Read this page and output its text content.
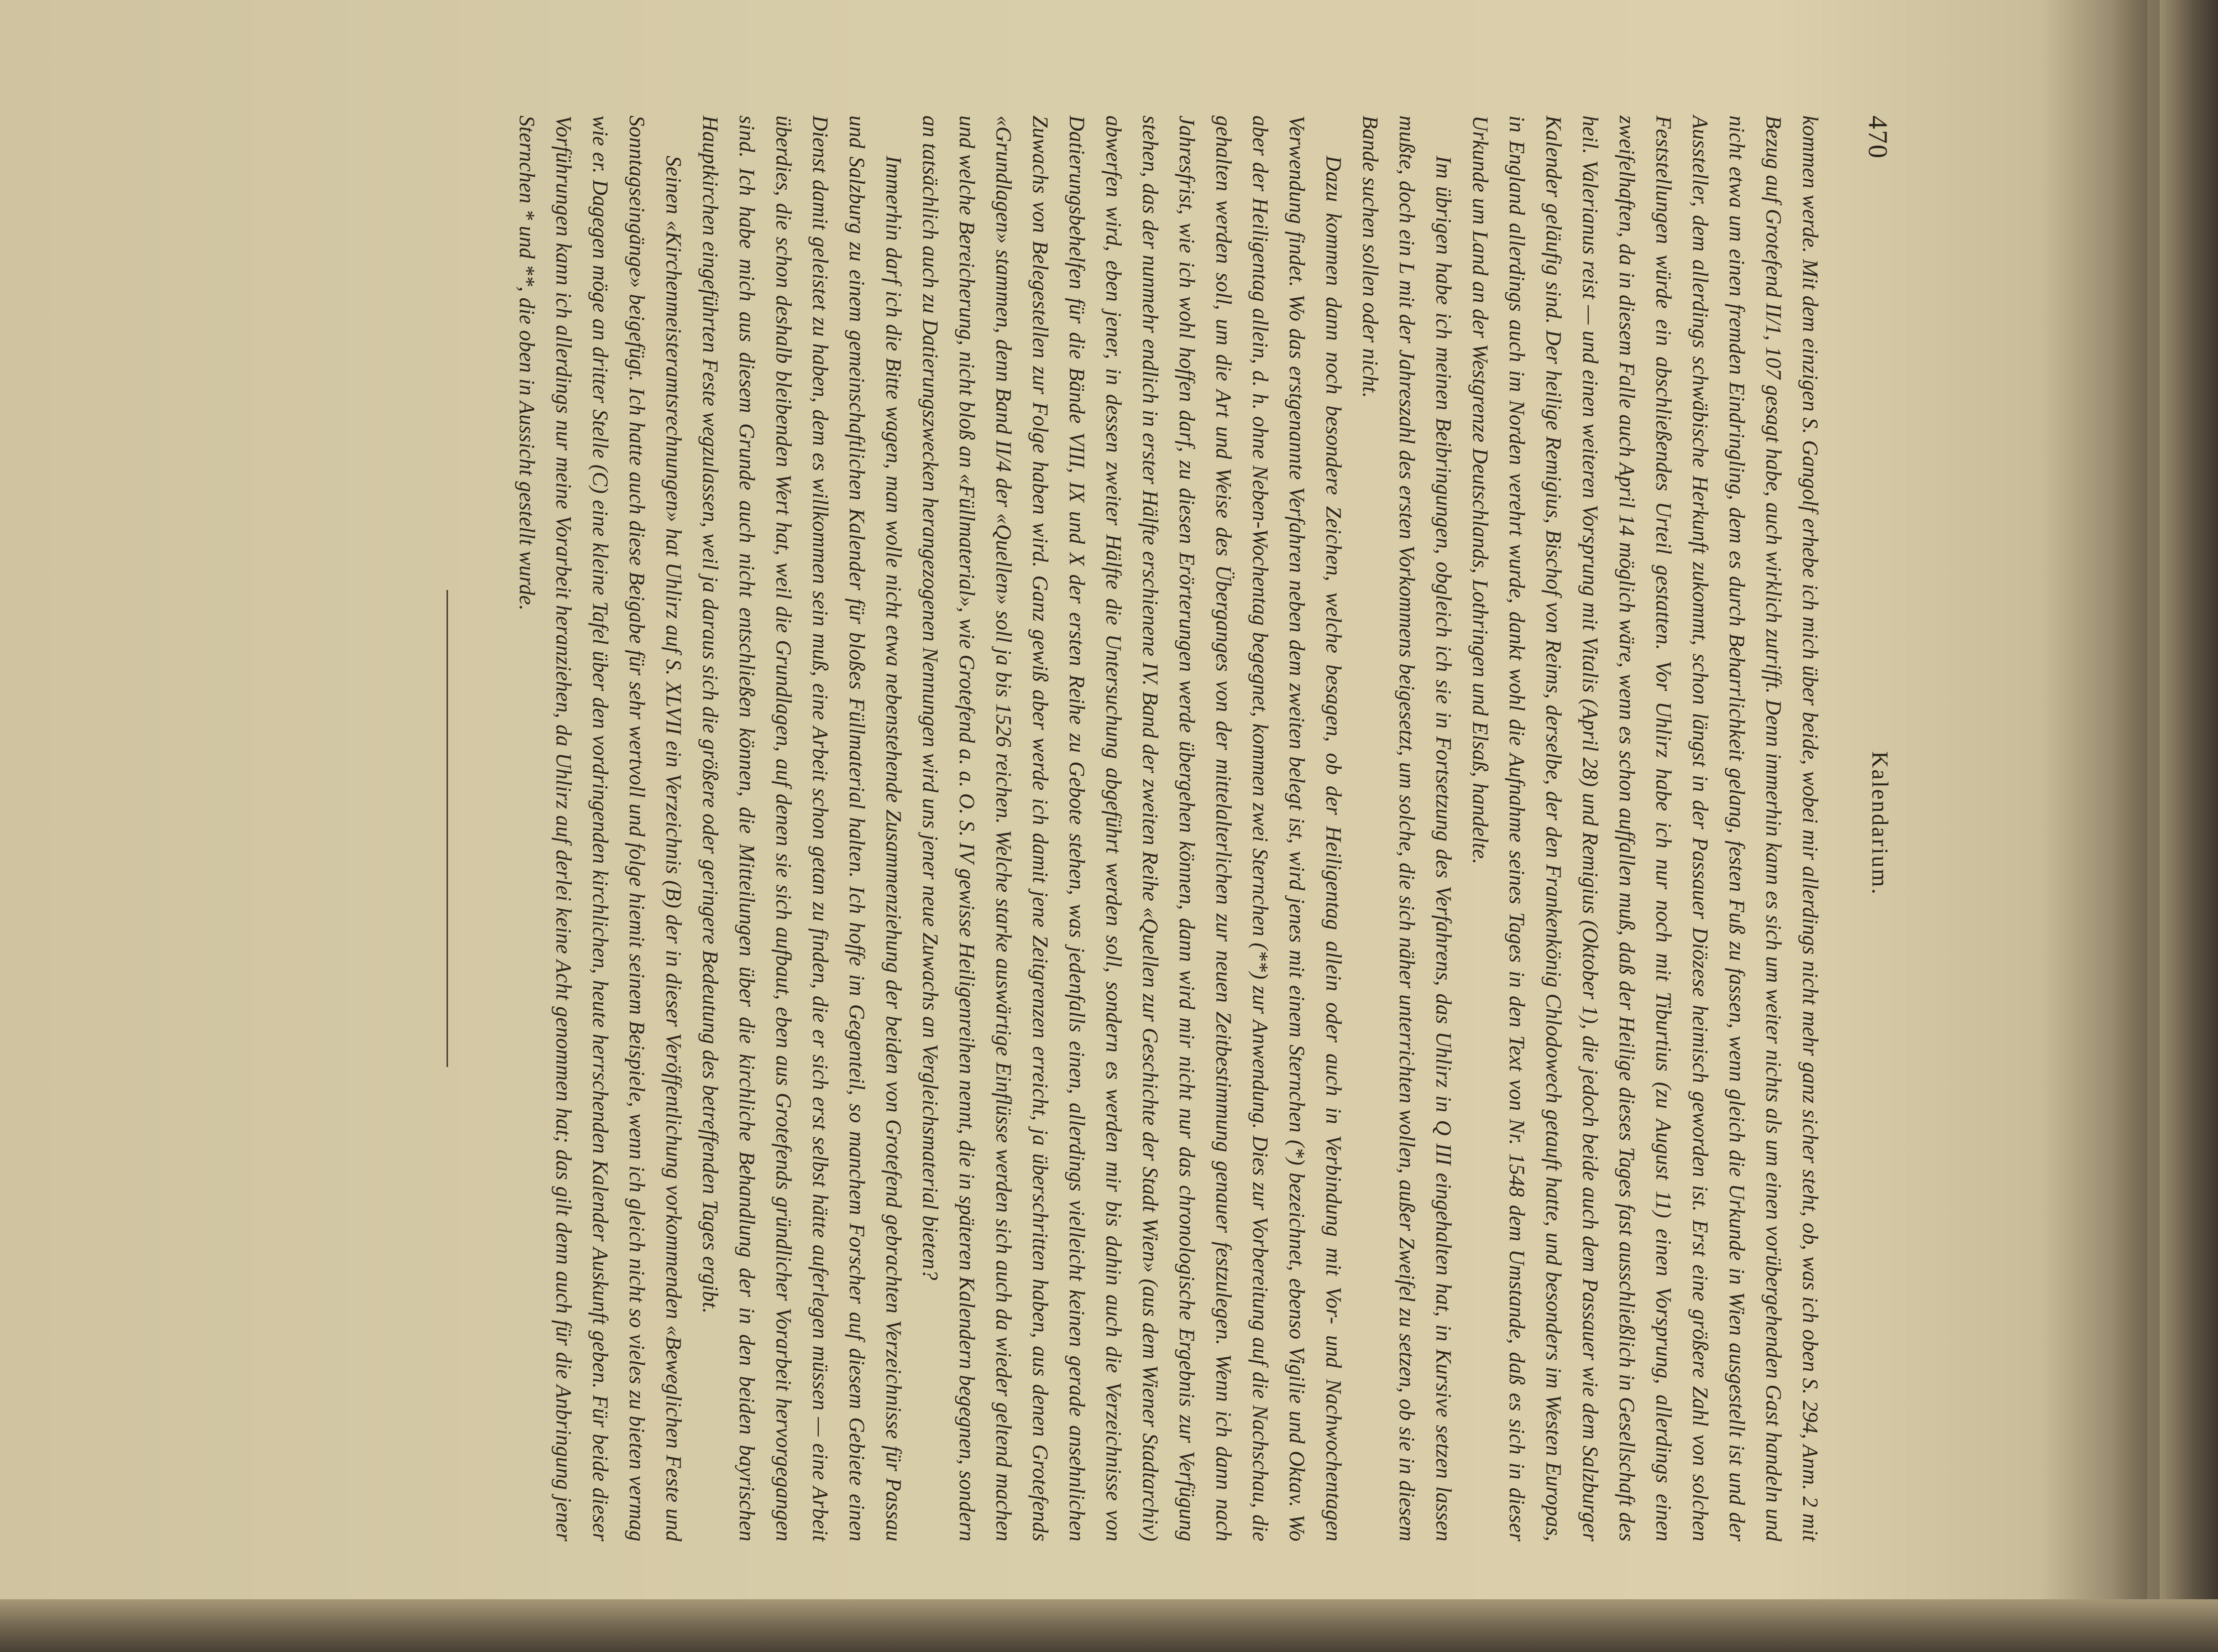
Kalendarium.
470

kommen werde. Mit dem einzigen S. Gangolf erhebe ich mich über beide, wobei mir allerdings nicht mehr ganz sicher steht, ob, was ich oben S. 294, Anm. 2 mit Bezug auf Grotefend II/1, 107 gesagt habe, auch wirklich zutrifft. Denn immerhin kann es sich um weiter nichts als um einen vorübergehenden Gast handeln und nicht etwa um einen fremden Eindringling, dem es durch Beharrlichkeit gelang, festen Fuß zu fassen, wenn gleich die Urkunde in Wien ausgestellt ist und der Aussteller, dem allerdings schwäbische Herkunft zukommt, schon längst in der Passauer Diözese heimisch geworden ist. Erst eine größere Zahl von solchen Feststellungen würde ein abschließendes Urteil gestatten. Vor Uhlirz habe ich nur noch mit Tiburtius (zu August 11) einen Vorsprung, allerdings einen zweifelhaften, da in diesem Falle auch April 14 möglich wäre, wenn es schon auffallen muß, daß der Heilige dieses Tages fast ausschließlich in Gesellschaft des heil. Valerianus reist — und einen weiteren Vorsprung mit Vitalis (April 28) und Remigius (Oktober 1), die jedoch beide auch dem Passauer wie dem Salzburger Kalender geläufig sind. Der heilige Remigius, Bischof von Reims, derselbe, der den Frankenkönig Chlodowech getauft hatte, und besonders im Westen Europas, in England allerdings auch im Norden verehrt wurde, dankt wohl die Aufnahme seines Tages in den Text von Nr. 1548 dem Umstande, daß es sich in dieser Urkunde um Land an der Westgrenze Deutschlands, Lothringen und Elsaß, handelte.

Im übrigen habe ich meinen Beibringungen, obgleich ich sie in Fortsetzung des Verfahrens, das Uhlirz in Q III eingehalten hat, in Kursive setzen lassen mußte, doch ein L mit der Jahreszahl des ersten Vorkommens beigesetzt, um solche, die sich näher unterrichten wollen, außer Zweifel zu setzen, ob sie in diesem Bande suchen sollen oder nicht.

Dazu kommen dann noch besondere Zeichen, welche besagen, ob der Heiligentag allein oder auch in Verbindung mit Vor- und Nachwochentagen Verwendung findet. Wo das erstgenannte Verfahren neben dem zweiten belegt ist, wird jenes mit einem Sternchen (*) bezeichnet, ebenso Vigilie und Oktav. Wo aber der Heiligentag allein, d. h. ohne Neben-Wochentag begegnet, kommen zwei Sternchen (**) zur Anwendung. Dies zur Vorbereitung auf die Nachschau, die gehalten werden soll, um die Art und Weise des Überganges von der mittelalterlichen zur neuen Zeitbestimmung genauer festzulegen. Wenn ich dann nach Jahresfrist, wie ich wohl hoffen darf, zu diesen Erörterungen werde übergehen können, dann wird mir nicht nur das chronologische Ergebnis zur Verfügung stehen, das der nunmehr endlich in erster Hälfte erschienene IV. Band der zweiten Reihe «Quellen zur Geschichte der Stadt Wien» (aus dem Wiener Stadtarchiv) abwerfen wird, eben jener, in dessen zweiter Hälfte die Untersuchung abgeführt werden soll, sondern es werden mir bis dahin auch die Verzeichnisse von Datierungsbehelfen für die Bände VIII, IX und X der ersten Reihe zu Gebote stehen, was jedenfalls einen, allerdings vielleicht keinen gerade ansehnlichen Zuwachs von Belegestellen zur Folge haben wird. Ganz gewiß aber werde ich damit jene Zeitgrenzen erreicht, ja überschritten haben, aus denen Grotefends «Grundlagen» stammen, denn Band II/4 der «Quellen» soll ja bis 1526 reichen. Welche starke auswärtige Einflüsse werden sich auch da wieder geltend machen und welche Bereicherung, nicht bloß an «Füllmaterial», wie Grotefend a. a. O. S. IV gewisse Heiligenreihen nennt, die in späteren Kalendern begegnen, sondern an tatsächlich auch zu Datierungszwecken herangezogenen Nennungen wird uns jener neue Zuwachs an Vergleichsmaterial bieten?

Immerhin darf ich die Bitte wagen, man wolle nicht etwa nebenstehende Zusammenziehung der beiden von Grotefend gebrachten Verzeichnisse für Passau und Salzburg zu einem gemeinschaftlichen Kalender für bloßes Füllmaterial halten. Ich hoffe im Gegenteil, so manchem Forscher auf diesem Gebiete einen Dienst damit geleistet zu haben, dem es willkommen sein muß, eine Arbeit schon getan zu finden, die er sich erst selbst hätte auferlegen müssen — eine Arbeit überdies, die schon deshalb bleibenden Wert hat, weil die Grundlagen, auf denen sie sich aufbaut, eben aus Grotefends gründlicher Vorarbeit hervorgegangen sind. Ich habe mich aus diesem Grunde auch nicht entschließen können, die Mitteilungen über die kirchliche Behandlung der in den beiden bayrischen Hauptkirchen eingeführten Feste wegzulassen, weil ja daraus sich die größere oder geringere Bedeutung des betreffenden Tages ergibt.

Seinen «Kirchenmeisteramtsrechnungen» hat Uhlirz auf S. XLVII ein Verzeichnis (B) der in dieser Veröffentlichung vorkommenden «Beweglichen Feste und Sonntagseingänge» beigefügt. Ich hatte auch diese Beigabe für sehr wertvoll und folge hiemit seinem Beispiele, wenn ich gleich nicht so vieles zu bieten vermag wie er. Dagegen möge an dritter Stelle (C) eine kleine Tafel über den vordringenden kirchlichen, heute herrschenden Kalender Auskunft geben. Für beide dieser Vorführungen kann ich allerdings nur meine Vorarbeit heranziehen, da Uhlirz auf derlei keine Acht genommen hat; das gilt denn auch für die Anbringung jener Sternchen * und **, die oben in Aussicht gestellt wurde.
